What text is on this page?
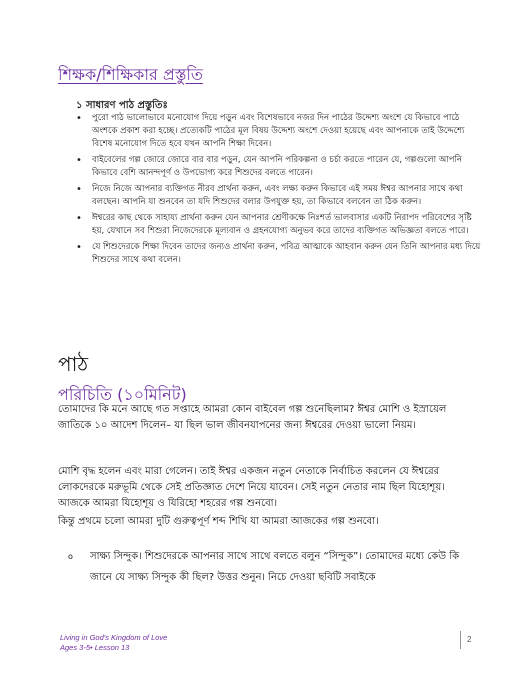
শিক্ষক/শিক্ষিকার প্রস্তুতি
১ সাধারণ পাঠ প্রস্তুতিঃ
• পুরো পাঠ ভালোভাবে মনোযোগ দিয়ে পড়ুন এবং বিশেষভাবে নজর দিন পাঠের উদ্দেশ্য অংশে যে কিভাবে পাঠে অংশকে প্রকাশ করা হচ্ছে। প্রত্যেকটি পাঠের মূল বিষয় উদ্দেশ্য অংশে দেওয়া হয়েছে এবং আপনাকে তাই উদ্দেশ্যে বিশেষ মনোযোগ দিতে হবে যখন আপনি শিক্ষা দিবেন।
• বাইবেলের গল্প জোরে জোরে বার বার পড়ুন, যেন আপনি পরিকল্পনা ও চর্চা করতে পারেন যে, গল্পগুলো আপনি কিভাবে বেশি আনন্দপূর্ণ ও উপভোগ্য করে শিশুদের বলতে পারেন।
• নিজে নিজে আপনার ব্যক্তিগত নীরব প্রার্থনা করুন, এবং লক্ষ্য করুন কিভাবে এই সময় ঈশ্বর আপনার সাথে কথা বলছেন। আপনি যা শুনবেন তা যদি শিশুদের বলার উপযুক্ত হয়, তা কিভাবে বলবেন তা ঠিক করুন।
• ঈশ্বরের কাছ থেকে সাহায্য প্রার্থনা করুন যেন আপনার শ্রেণীকক্ষে নিঃশর্ত ভালবাসার একটি নিরাপদ পরিবেশের সৃষ্টি হয়, যেখানে সব শিশুরা নিজেদেরকে মূল্যবান ও গ্রহনযোগ্য অনুভব করে তাদের ব্যক্তিগত অভিজ্ঞতা বলতে পারে।
• যে শিশুদেরকে শিক্ষা দিবেন তাদের জন্যও প্রার্থনা করুন, পবিত্র আত্মাকে আহবান করুন যেন তিনি আপনার মধ্য দিয়ে শিশুদের সাথে কথা বলেন।
পাঠ
পরিচিতি (১০মিনিট)

তোমাদের কি মনে আছে গত সপ্তাহে আমরা কোন বাইবেল গল্প শুনেছিলাম? ঈশ্বর মোশি ও ইস্রায়েল জাতিকে ১০ আদেশ দিলেন– যা ছিল ভাল জীবনযাপনের জন্য ঈশ্বরের দেওয়া ভালো নিয়ম।

মোশি বৃদ্ধ হলেন এবং মারা গেলেন। তাই ঈশ্বর একজন নতুন নেতাকে নির্বাচিত করলেন যে ঈশ্বরের লোকদেরকে মরুভূমি থেকে সেই প্রতিজ্ঞাত দেশে নিয়ে যাবেন। সেই নতুন নেতার নাম ছিল যিহোশূয়। আজকে আমরা যিহোশূয় ও যিরিহো শহরের গল্প শুনবো।

কিন্তু প্রথমে চলো আমরা দুটি গুরুত্বপূর্ণ শব্দ শিখি যা আমরা আজকের গল্প শুনবো।

o সাক্ষ্য সিন্দুক। শিশুদেরকে আপনার সাথে সাথে বলতে বলুন “সিন্দুক”। তোমাদের মধ্যে কেউ কি জানে যে সাক্ষ্য সিন্দুক কী ছিল? উত্তর শুনুন। নিচে দেওয়া ছবিটি সবাইকে
Living in God's Kingdom of Love
Ages 3-5• Lesson 13
2
